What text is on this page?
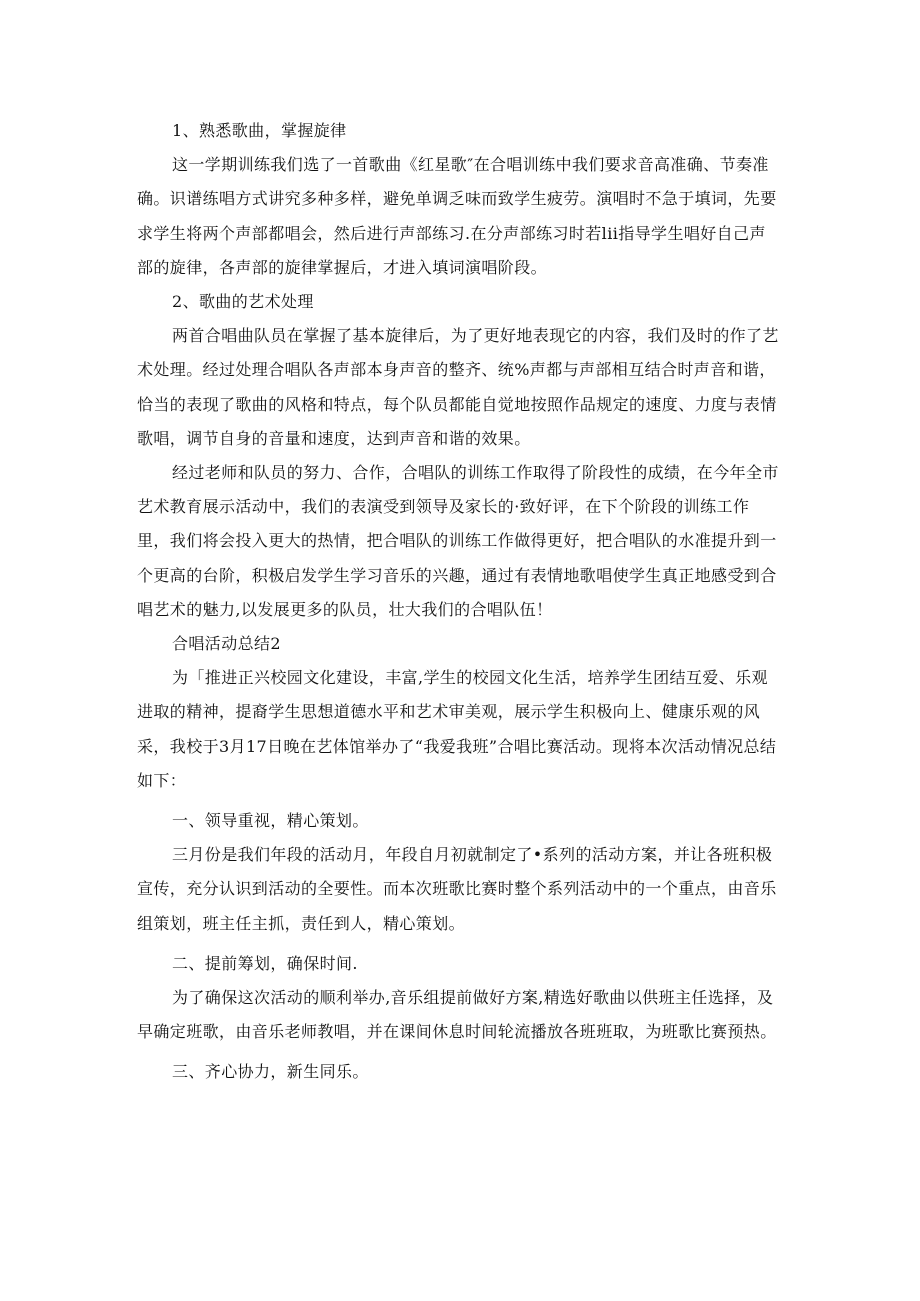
1、熟悉歌曲，掌握旋律

这一学期训练我们选了一首歌曲《红星歌″在合唱训练中我们要求音高准确、节奏准确。识谱练唱方式讲究多种多样，避免单调乏味而致学生疲劳。演唱时不急于填词，先要求学生将两个声部都唱会，然后进行声部练习.在分声部练习时若lii指导学生唱好自己声部的旋律，各声部的旋律掌握后，才进入填词演唱阶段。

2、歌曲的艺术处理

两首合唱曲队员在掌握了基本旋律后，为了更好地表现它的内容，我们及时的作了艺术处理。经过处理合唱队各声部本身声音的整齐、统%声都与声部相互结合时声音和谐，恰当的表现了歌曲的风格和特点，每个队员都能自觉地按照作品规定的速度、力度与表情歌唱，调节自身的音量和速度，达到声音和谐的效果。

经过老师和队员的努力、合作，合唱队的训练工作取得了阶段性的成绩，在今年全市艺术教育展示活动中，我们的表演受到领导及家长的·致好评，在下个阶段的训练工作里，我们将会投入更大的热情，把合唱队的训练工作做得更好，把合唱队的水准提升到一个更高的台阶，积极启发学生学习音乐的兴趣，通过有表情地歌唱使学生真正地感受到合唱艺术的魅力,以发展更多的队员，壮大我们的合唱队伍！

合唱活动总结2

为「推进正兴校园文化建设，丰富,学生的校园文化生活，培养学生团结互爱、乐观进取的精神，提裔学生思想道德水平和艺术审美观，展示学生积极向上、健康乐观的风采，我校于3月17日晚在艺体馆举办了“我爱我班”合唱比赛活动。现将本次活动情况总结如下：

一、领导重视，精心策划。

三月份是我们年段的活动月，年段自月初就制定了•系列的活动方案，并让各班积极宣传，充分认识到活动的全要性。而本次班歌比赛时整个系列活动中的一个重点，由音乐组策划，班主任主抓，责任到人，精心策划。

二、提前筹划，确保时间.

为了确保这次活动的顺利举办,音乐组提前做好方案,精选好歌曲以供班主任选择，及早确定班歌，由音乐老师教唱，并在课间休息时间轮流播放各班班取，为班歌比赛预热。

三、齐心协力，新生同乐。
